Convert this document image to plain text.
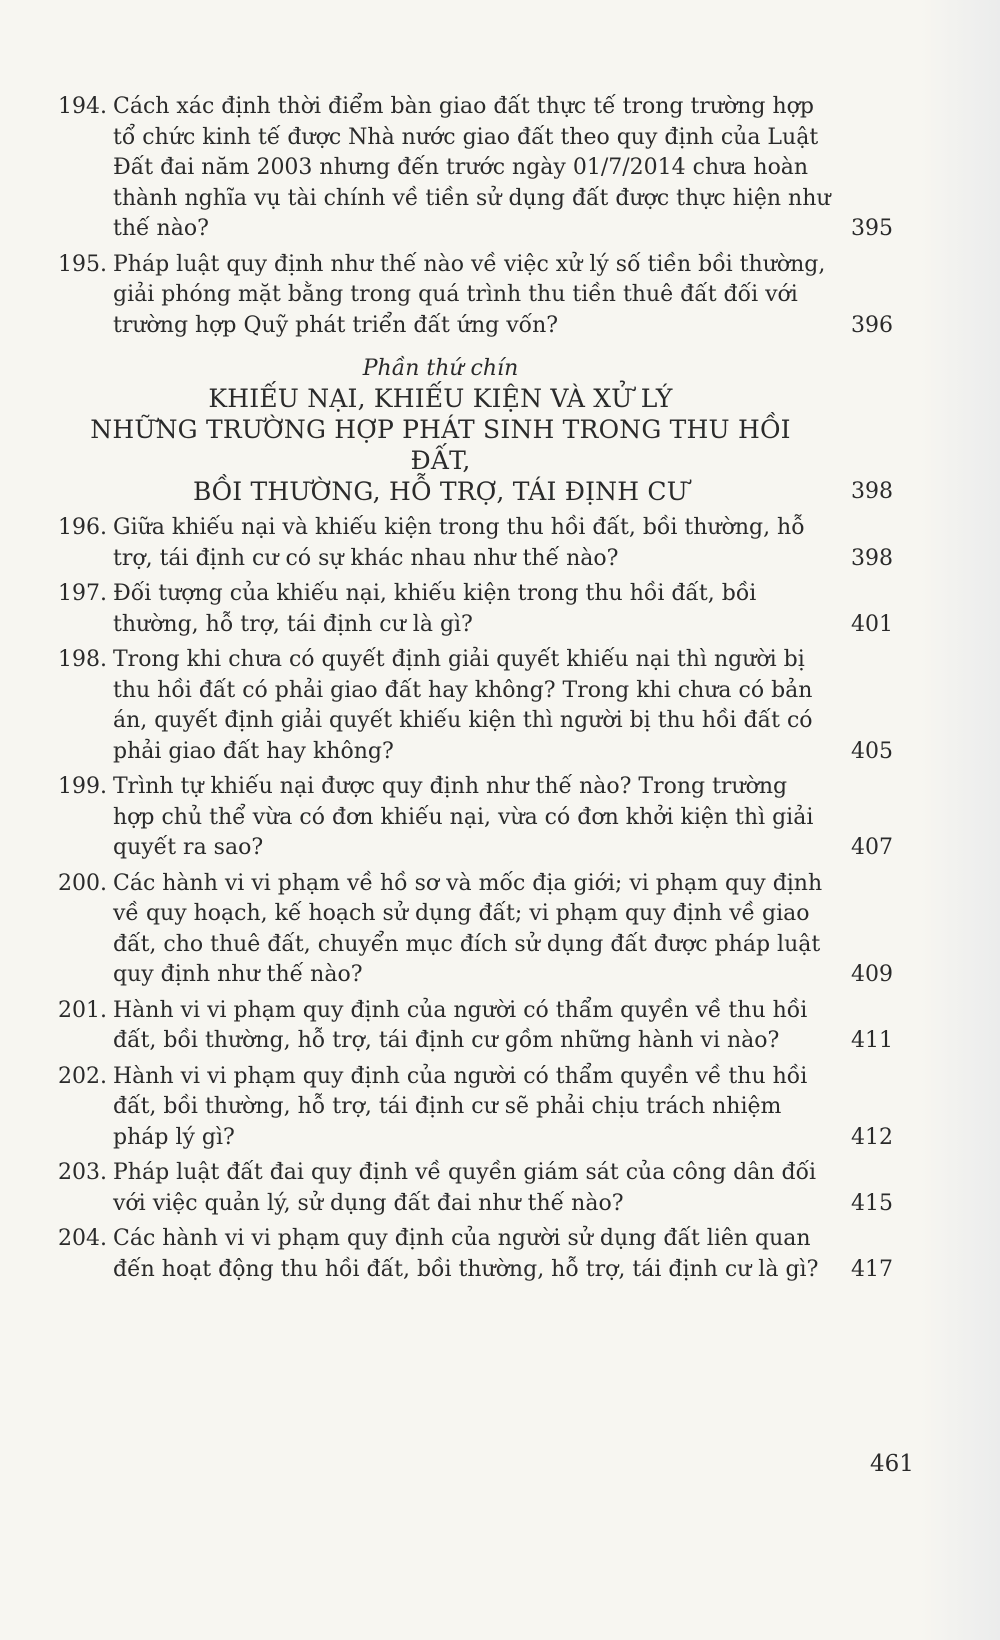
194. Cách xác định thời điểm bàn giao đất thực tế trong trường hợp tổ chức kinh tế được Nhà nước giao đất theo quy định của Luật Đất đai năm 2003 nhưng đến trước ngày 01/7/2014 chưa hoàn thành nghĩa vụ tài chính về tiền sử dụng đất được thực hiện như thế nào?	395
195. Pháp luật quy định như thế nào về việc xử lý số tiền bồi thường, giải phóng mặt bằng trong quá trình thu tiền thuê đất đối với trường hợp Quỹ phát triển đất ứng vốn?	396
Phần thứ chín
KHIẾU NẠI, KHIẾU KIỆN VÀ XỬ LÝ
NHỮNG TRƯỜNG HỢP PHÁT SINH TRONG THU HỒI ĐẤT,
BỒI THƯỜNG, HỖ TRỢ, TÁI ĐỊNH CƯ	398
196. Giữa khiếu nại và khiếu kiện trong thu hồi đất, bồi thường, hỗ trợ, tái định cư có sự khác nhau như thế nào?	398
197. Đối tượng của khiếu nại, khiếu kiện trong thu hồi đất, bồi thường, hỗ trợ, tái định cư là gì?	401
198. Trong khi chưa có quyết định giải quyết khiếu nại thì người bị thu hồi đất có phải giao đất hay không? Trong khi chưa có bản án, quyết định giải quyết khiếu kiện thì người bị thu hồi đất có phải giao đất hay không?	405
199. Trình tự khiếu nại được quy định như thế nào? Trong trường hợp chủ thể vừa có đơn khiếu nại, vừa có đơn khởi kiện thì giải quyết ra sao?	407
200. Các hành vi vi phạm về hồ sơ và mốc địa giới; vi phạm quy định về quy hoạch, kế hoạch sử dụng đất; vi phạm quy định về giao đất, cho thuê đất, chuyển mục đích sử dụng đất được pháp luật quy định như thế nào?	409
201. Hành vi vi phạm quy định của người có thẩm quyền về thu hồi đất, bồi thường, hỗ trợ, tái định cư gồm những hành vi nào?	411
202. Hành vi vi phạm quy định của người có thẩm quyền về thu hồi đất, bồi thường, hỗ trợ, tái định cư sẽ phải chịu trách nhiệm pháp lý gì?	412
203. Pháp luật đất đai quy định về quyền giám sát của công dân đối với việc quản lý, sử dụng đất đai như thế nào?	415
204. Các hành vi vi phạm quy định của người sử dụng đất liên quan đến hoạt động thu hồi đất, bồi thường, hỗ trợ, tái định cư là gì? 417
461
